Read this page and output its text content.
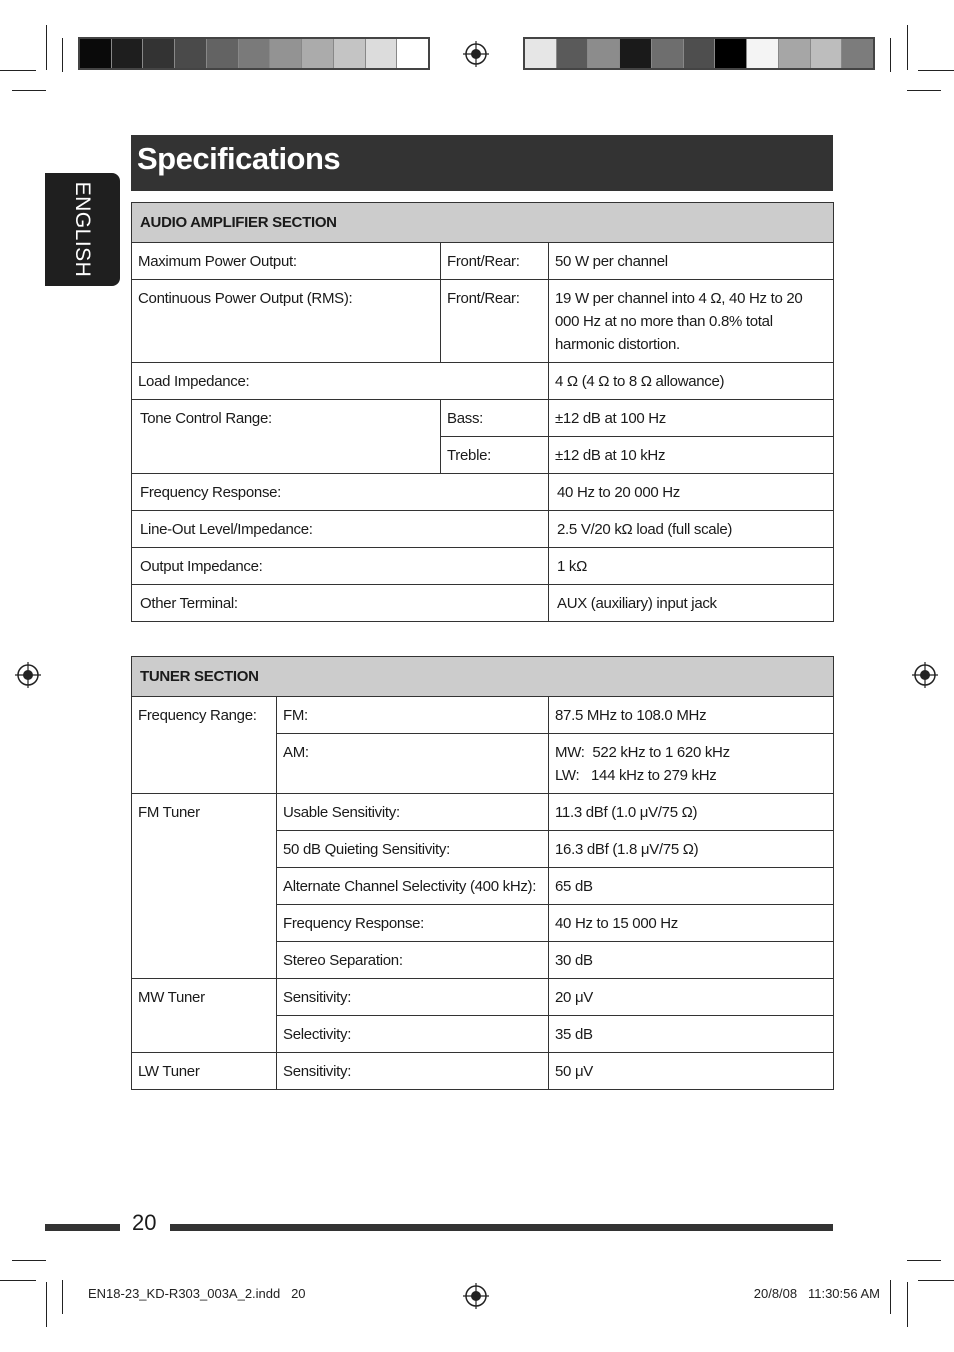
Specifications
ENGLISH	AUDIO AMPLIFIER SECTION		
Maximum Power Output:	Front/Rear:	50 W per channel
Continuous Power Output (RMS):	Front/Rear:	19 W per channel into 4 Ω, 40 Hz to 20 000 Hz at no more than 0.8% total harmonic distortion.
Load Impedance:		4 Ω (4 Ω to 8 Ω allowance)
Tone Control Range:	Bass:	±12 dB at 100 Hz
	Treble:	±12 dB at 10 kHz
Frequency Response:		40 Hz to 20 000 Hz
Line-Out Level/Impedance:		2.5 V/20 kΩ load (full scale)
Output Impedance:		1 kΩ
Other Terminal:		AUX (auxiliary) input jack
TUNER SECTION		
Frequency Range:	FM:	87.5 MHz to 108.0 MHz
	AM:	MW:  522 kHz to 1 620 kHz
LW:   144 kHz to 279 kHz

FM Tuner	Usable Sensitivity:	11.3 dBf (1.0 μV/75 Ω)
	50 dB Quieting Sensitivity:	16.3 dBf (1.8 μV/75 Ω)
	Alternate Channel Selectivity (400 kHz):	65 dB
	Frequency Response:	40 Hz to 15 000 Hz
	Stereo Separation:	30 dB
MW Tuner	Sensitivity:	20 μV
	Selectivity:	35 dB
LW Tuner	Sensitivity:	50 μV
20
EN18-23_KD-R303_003A_2.indd   20	20/8/08   11:30:56 AM
